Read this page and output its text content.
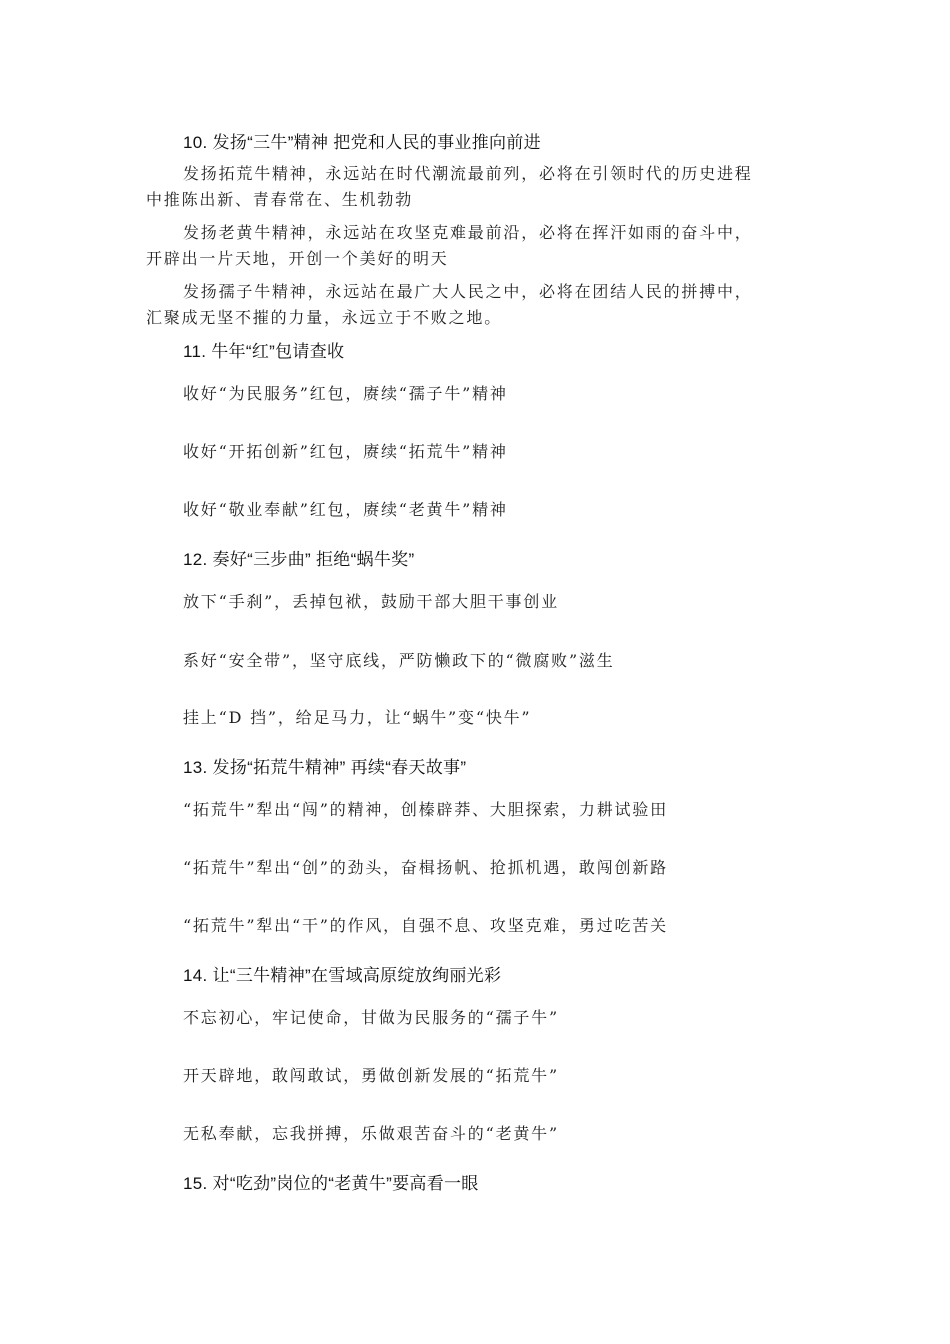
10. 发扬“三牛”精神 把党和人民的事业推向前进

发扬拓荒牛精神，永远站在时代潮流最前列，必将在引领时代的历史进程

中推陈出新、青春常在、生机勃勃

发扬老黄牛精神，永远站在攻坚克难最前沿，必将在挥汗如雨的奋斗中，

开辟出一片天地，开创一个美好的明天

发扬孺子牛精神，永远站在最广大人民之中，必将在团结人民的拼搏中，

汇聚成无坚不摧的力量，永远立于不败之地。

11. 牛年“红”包请查收

收好“为民服务”红包，赓续“孺子牛”精神

收好“开拓创新”红包，赓续“拓荒牛”精神

收好“敬业奉献”红包，赓续“老黄牛”精神

12. 奏好“三步曲” 拒绝“蜗牛奖”

放下“手刹”，丢掉包袱，鼓励干部大胆干事创业

系好“安全带”，坚守底线，严防懒政下的“微腐败”滋生

挂上“D 挡”，给足马力，让“蜗牛”变“快牛”

13. 发扬“拓荒牛精神” 再续“春天故事”

“拓荒牛”犁出“闯”的精神，创榛辟莽、大胆探索，力耕试验田

“拓荒牛”犁出“创”的劲头，奋楫扬帆、抢抓机遇，敢闯创新路

“拓荒牛”犁出“干”的作风，自强不息、攻坚克难，勇过吃苦关

14. 让“三牛精神”在雪域高原绽放绚丽光彩

不忘初心，牢记使命，甘做为民服务的“孺子牛”

开天辟地，敢闯敢试，勇做创新发展的“拓荒牛”

无私奉献，忘我拼搏，乐做艰苦奋斗的“老黄牛”

15. 对“吃劲”岗位的“老黄牛”要高看一眼
